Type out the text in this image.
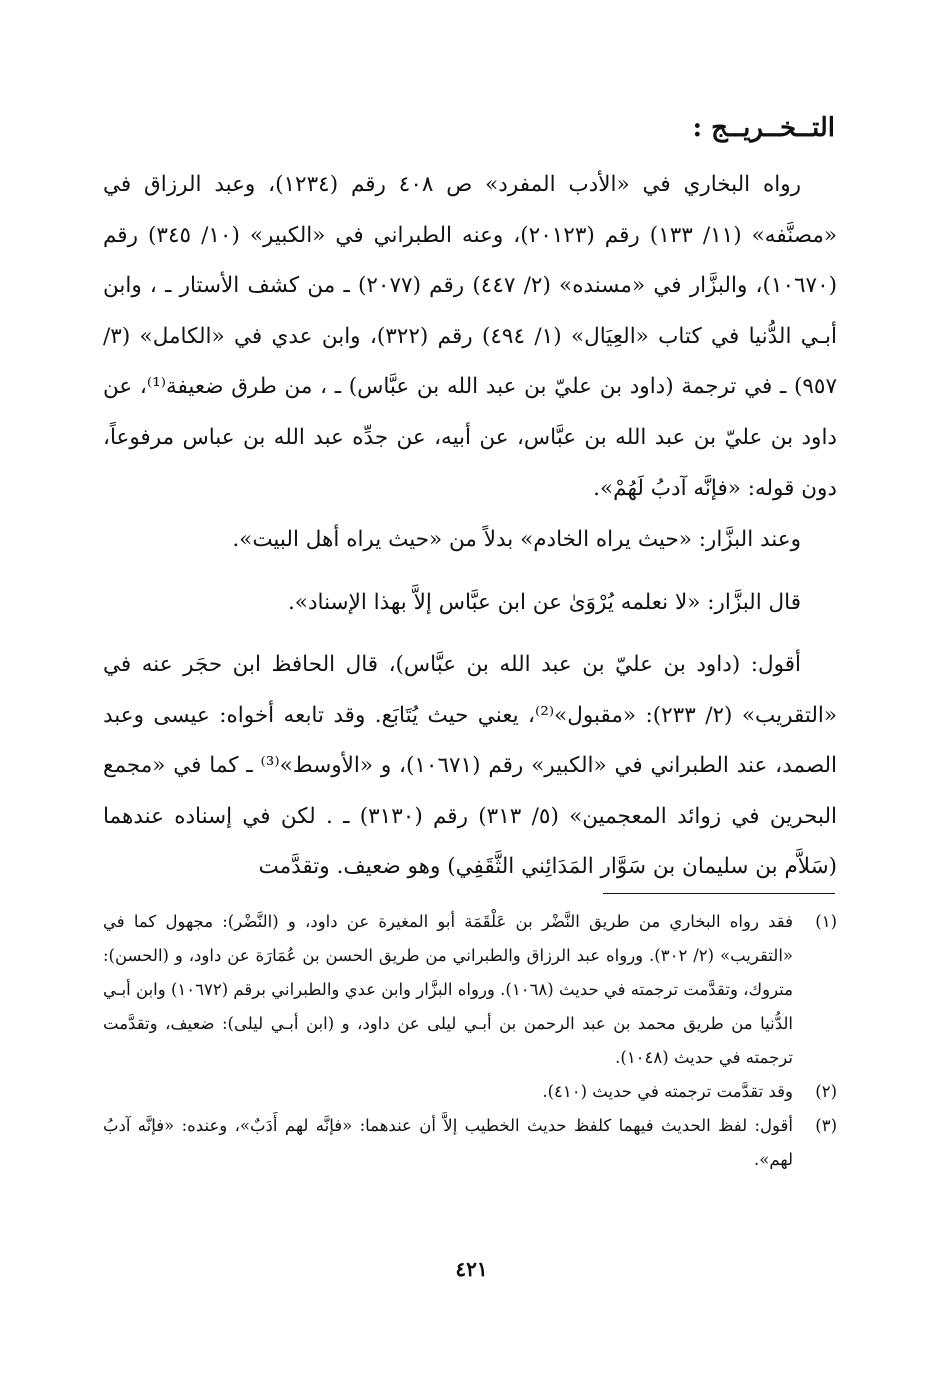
التــخــريــج :

رواه البخاري في «الأدب المفرد» ص ٤٠٨ رقم (١٢٣٤)، وعبد الرزاق في «مصنَّفه» (١١/ ١٣٣) رقم (٢٠١٢٣)، وعنه الطبراني في «الكبير» (١٠/ ٣٤٥) رقم (١٠٦٧٠)، والبزَّار في «مسنده» (٢/ ٤٤٧) رقم (٢٠٧٧) ـ من كشف الأستار ـ ، وابن أبـي الدُّنيا في كتاب «العِيَال» (١/ ٤٩٤) رقم (٣٢٢)، وابن عدي في «الكامل» (٣/ ٩٥٧) ـ في ترجمة (داود بن عليّ بن عبد الله بن عبَّاس) ـ ، من طرق ضعيفة⁽¹⁾، عن داود بن عليّ بن عبد الله بن عبَّاس، عن أبيه، عن جدِّه عبد الله بن عباس مرفوعاً، دون قوله: «فإنَّه آدبُ لَهُمْ».

وعند البزَّار: «حيث يراه الخادم» بدلاً من «حيث يراه أهل البيت».
قال البزَّار: «لا نعلمه يُرْوَىٰ عن ابن عبَّاس إلاَّ بهذا الإسناد».

أقول: (داود بن عليّ بن عبد الله بن عبَّاس)، قال الحافظ ابن حجَر عنه في «التقريب» (٢/ ٢٣٣): «مقبول»⁽²⁾، يعني حيث يُتَابَع. وقد تابعه أخواه: عيسى وعبد الصمد، عند الطبراني في «الكبير» رقم (١٠٦٧١)، و «الأوسط»⁽³⁾ ـ كما في «مجمع البحرين في زوائد المعجمين» (٥/ ٣١٣) رقم (٣١٣٠) ـ . لكن في إسناده عندهما (سَلاَّم بن سليمان بن سَوَّار المَدَائِني الثَّقَفِي) وهو ضعيف. وتقدَّمت

(١)
فقد رواه البخاري من طريق النَّضْر بن عَلْقَمَة أبو المغيرة عن داود، و (النَّضْر): مجهول كما في «التقريب» (٢/ ٣٠٢). ورواه عبد الرزاق والطبراني من طريق الحسن بن عُمَارَة عن داود، و (الحسن): متروك، وتقدَّمت ترجمته في حديث (١٠٦٨). ورواه البزَّار وابن عدي والطبراني برقم (١٠٦٧٢) وابن أبـي الدُّنيا من طريق محمد بن عبد الرحمن بن أبـي ليلى عن داود، و (ابن أبـي ليلى): ضعيف، وتقدَّمت ترجمته في حديث (١٠٤٨).
(٢)
وقد تقدَّمت ترجمته في حديث (٤١٠).
(٣)
أقول: لفظ الحديث فيهما كلفظ حديث الخطيب إلاَّ أن عندهما: «فإنَّه لهم أَدَبٌ»، وعنده: «فإنَّه آدبُ لهم».
٤٢١
